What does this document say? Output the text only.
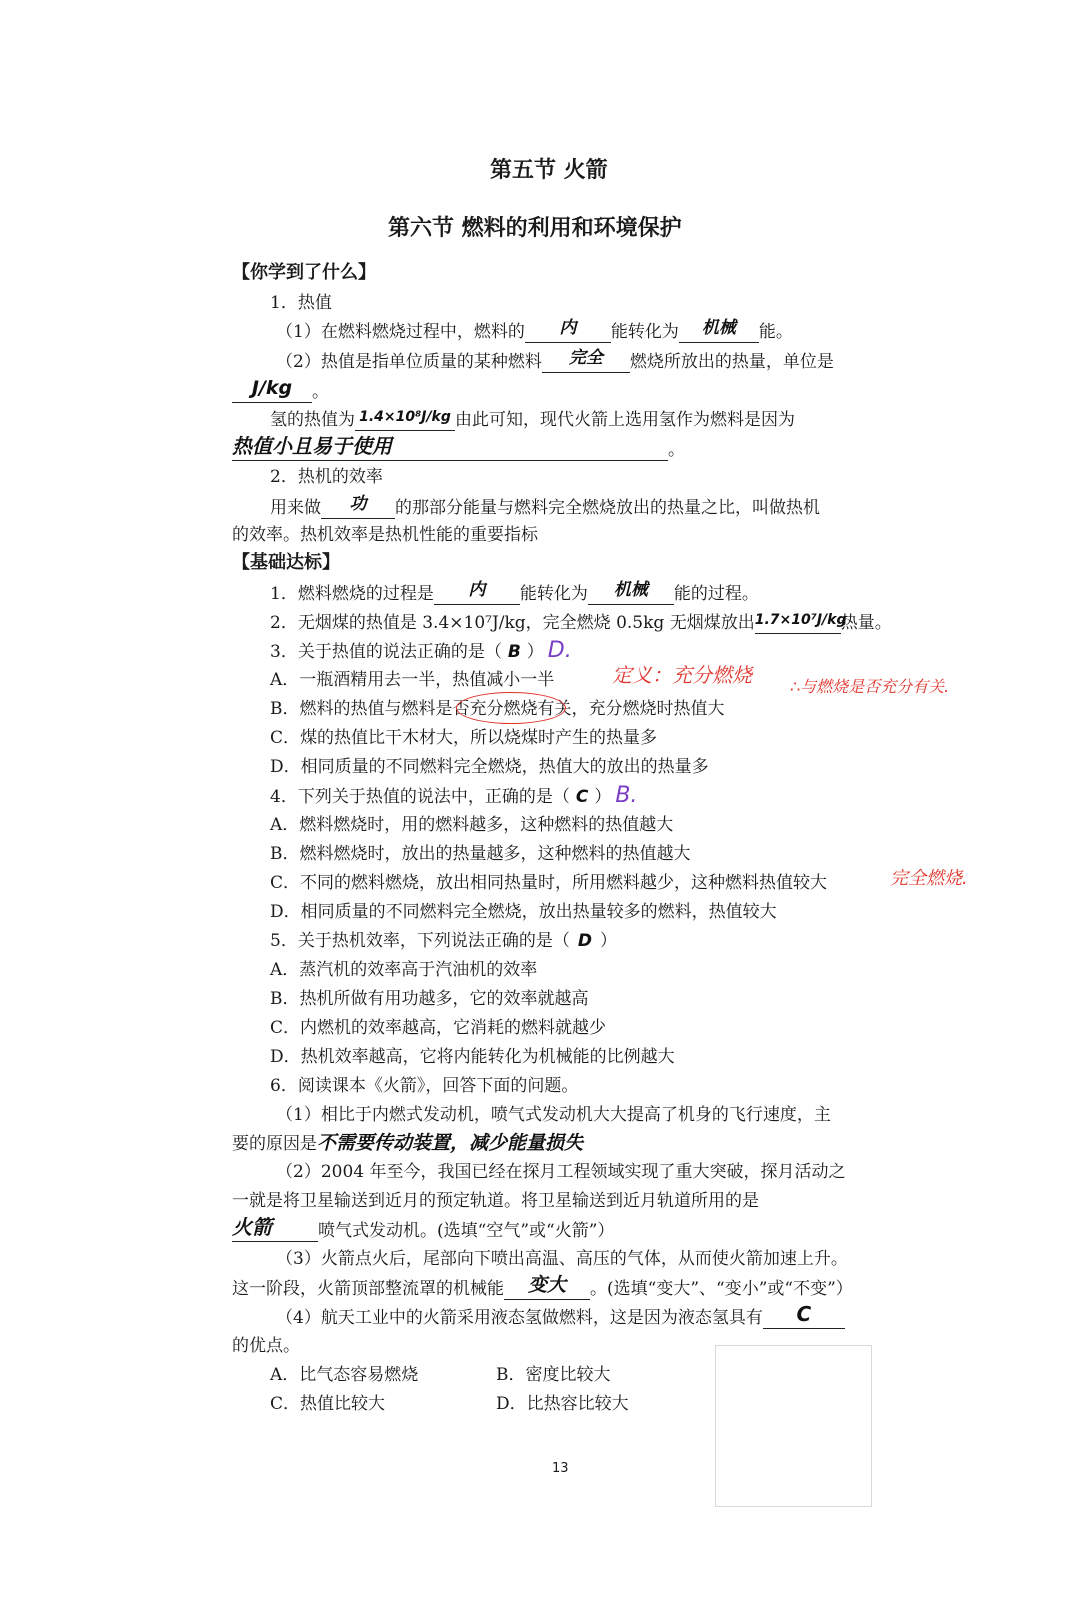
第五节 火箭
第六节 燃料的利用和环境保护
【你学到了什么】
1．热值
（1）在燃料燃烧过程中，燃料的 内 能转化为 机械 能。
（2）热值是指单位质量的某种燃料 完全 燃烧所放出的热量，单位是
J/kg 。
氢的热值为 1.4×10⁸J/kg 由此可知，现代火箭上选用氢作为燃料是因为
热值小且易于使用	。
2．热机的效率
用来做 功 的那部分能量与燃料完全燃烧放出的热量之比，叫做热机
的效率。热机效率是热机性能的重要指标
【基础达标】
1．燃料燃烧的过程是 内 能转化为 机械 能的过程。
2．无烟煤的热值是 3.4×10⁷J/kg，完全燃烧 0.5kg 无烟煤放出1.7×10⁷J/kg热量。
3．关于热值的说法正确的是（ B ） D.
A．一瓶酒精用去一半，热值减小一半	定义：充分燃烧 ∴与燃烧是否充分有关.
B．燃料的热值与燃料是否充分燃烧有关，充分燃烧时热值大
C．煤的热值比干木材大，所以烧煤时产生的热量多
D．相同质量的不同燃料完全燃烧，热值大的放出的热量多
4．下列关于热值的说法中，正确的是（ C ） B.
A．燃料燃烧时，用的燃料越多，这种燃料的热值越大
B．燃料燃烧时，放出的热量越多，这种燃料的热值越大
C．不同的燃料燃烧，放出相同热量时，所用燃料越少，这种燃料热值较大	完全燃烧.
D．相同质量的不同燃料完全燃烧，放出热量较多的燃料，热值较大
5．关于热机效率，下列说法正确的是（ D ）
A．蒸汽机的效率高于汽油机的效率
B．热机所做有用功越多，它的效率就越高
C．内燃机的效率越高，它消耗的燃料就越少
D．热机效率越高，它将内能转化为机械能的比例越大
6．阅读课本《火箭》，回答下面的问题。
（1）相比于内燃式发动机，喷气式发动机大大提高了机身的飞行速度，主
要的原因是不需要传动装置，减少能量损失
（2）2004 年至今，我国已经在探月工程领域实现了重大突破，探月活动之
一就是将卫星输送到近月的预定轨道。将卫星输送到近月轨道所用的是
火箭	喷气式发动机。(选填“空气”或“火箭”）
（3）火箭点火后，尾部向下喷出高温、高压的气体，从而使火箭加速上升。
这一阶段，火箭顶部整流罩的机械能 变大 。(选填“变大”、“变小”或“不变”）
（4）航天工业中的火箭采用液态氢做燃料，这是因为液态氢具有 C
的优点。
A．比气态容易燃烧	B．密度比较大
C．热值比较大	D．比热容比较大
13
